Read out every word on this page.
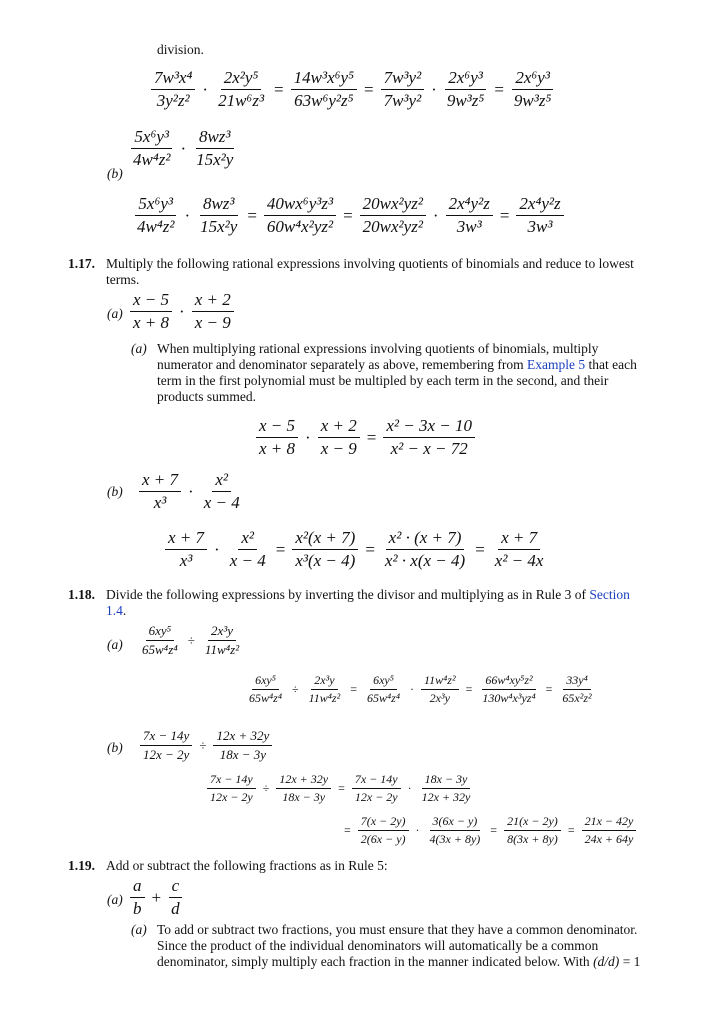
division.
$\frac{\text{7w³x⁴}}{\text{3y²z²}} \cdot \frac{\text{2x²y⁵}}{\text{21w⁶z³}} = \frac{\text{14w³x⁶y⁵}}{\text{63w⁶y²z⁵}} = \frac{\text{7w³y²}}{\text{7w³y²}} \cdot \frac{\text{2x⁶y³}}{\text{9w³z⁵}} = \frac{\text{2x⁶y³}}{\text{9w³z⁵}}$
(b)
$\frac{\text{5x⁶y³}}{\text{4w⁴z²}} \cdot \frac{\text{8wz³}}{\text{15x²y}}$
$\frac{\text{5x⁶y³}}{\text{4w⁴z²}} \cdot \frac{\text{8wz³}}{\text{15x²y}} = \frac{\text{40wx⁶y³z³}}{\text{60w⁴x²yz²}} = \frac{\text{20wx²yz²}}{\text{20wx²yz²}} \cdot \frac{\text{2x⁴y²z}}{\text{3w³}} = \frac{\text{2x⁴y²z}}{\text{3w³}}$
1.17. Multiply the following rational expressions involving quotients of binomials and reduce to lowest terms.
$(a) \frac{x - 5}{x + 8} \cdot \frac{x + 2}{x - 9}$
(a) When multiplying rational expressions involving quotients of binomials, multiply numerator and denominator separately as above, remembering from Example 5 that each term in the first polynomial must be multipled by each term in the second, and their products summed.
$\frac{x - 5}{x + 8} \cdot \frac{x + 2}{x - 9} = \frac{\text{x² − 3x − 10}}{\text{x² − x − 72}}$
$(b) \frac{x + 7}{\text{x³}} \cdot \frac{\text{x²}}{x - 4}$
$\frac{x + 7}{\text{x³}} \cdot \frac{\text{x²}}{x - 4} = \frac{\text{x²(x + 7)}}{\text{x³(x − 4)}} = \frac{\text{x² · (x + 7)}}{\text{x² · x(x − 4)}} = \frac{x + 7}{\text{x² − 4x}}$
1.18. Divide the following expressions by inverting the divisor and multiplying as in Rule 3 of Section 1.4.
$(a) \frac{\text{6xy⁵}}{\text{65w⁴z⁴}} \div \frac{\text{2x³y}}{\text{11w⁴z²}}$
$\frac{\text{6xy⁵}}{\text{65w⁴z⁴}} \div \frac{\text{2x³y}}{\text{11w⁴z²}} = \frac{\text{6xy⁵}}{\text{65w⁴z⁴}} \cdot \frac{\text{11w⁴z²}}{\text{2x³y}} = \frac{\text{66w⁴xy⁵z²}}{\text{130w⁴x³yz⁴}} = \frac{\text{33y⁴}}{\text{65x²z²}}$
$(b) \frac{7x - 14y}{12x - 2y} \div \frac{12x + 32y}{18x - 3y}$
$\frac{7x - 14y}{12x - 2y} \div \frac{12x + 32y}{18x - 3y} = \frac{7x - 14y}{12x - 2y} \cdot \frac{18x - 3y}{12x + 32y}$
= $\frac{7(x - 2y)}{2(6x - y)} \cdot \frac{3(6x - y)}{4(3x + 8y)} = \frac{21(x - 2y)}{8(3x + 8y)} = \frac{21x - 42y}{24x + 64y}$
1.19. Add or subtract the following fractions as in Rule 5:
$(a) \frac{a}{b} + \frac{c}{d}$
(a) To add or subtract two fractions, you must ensure that they have a common denominator. Since the product of the individual denominators will automatically be a common denominator, simply multiply each fraction in the manner indicated below. With (d/d) = 1
